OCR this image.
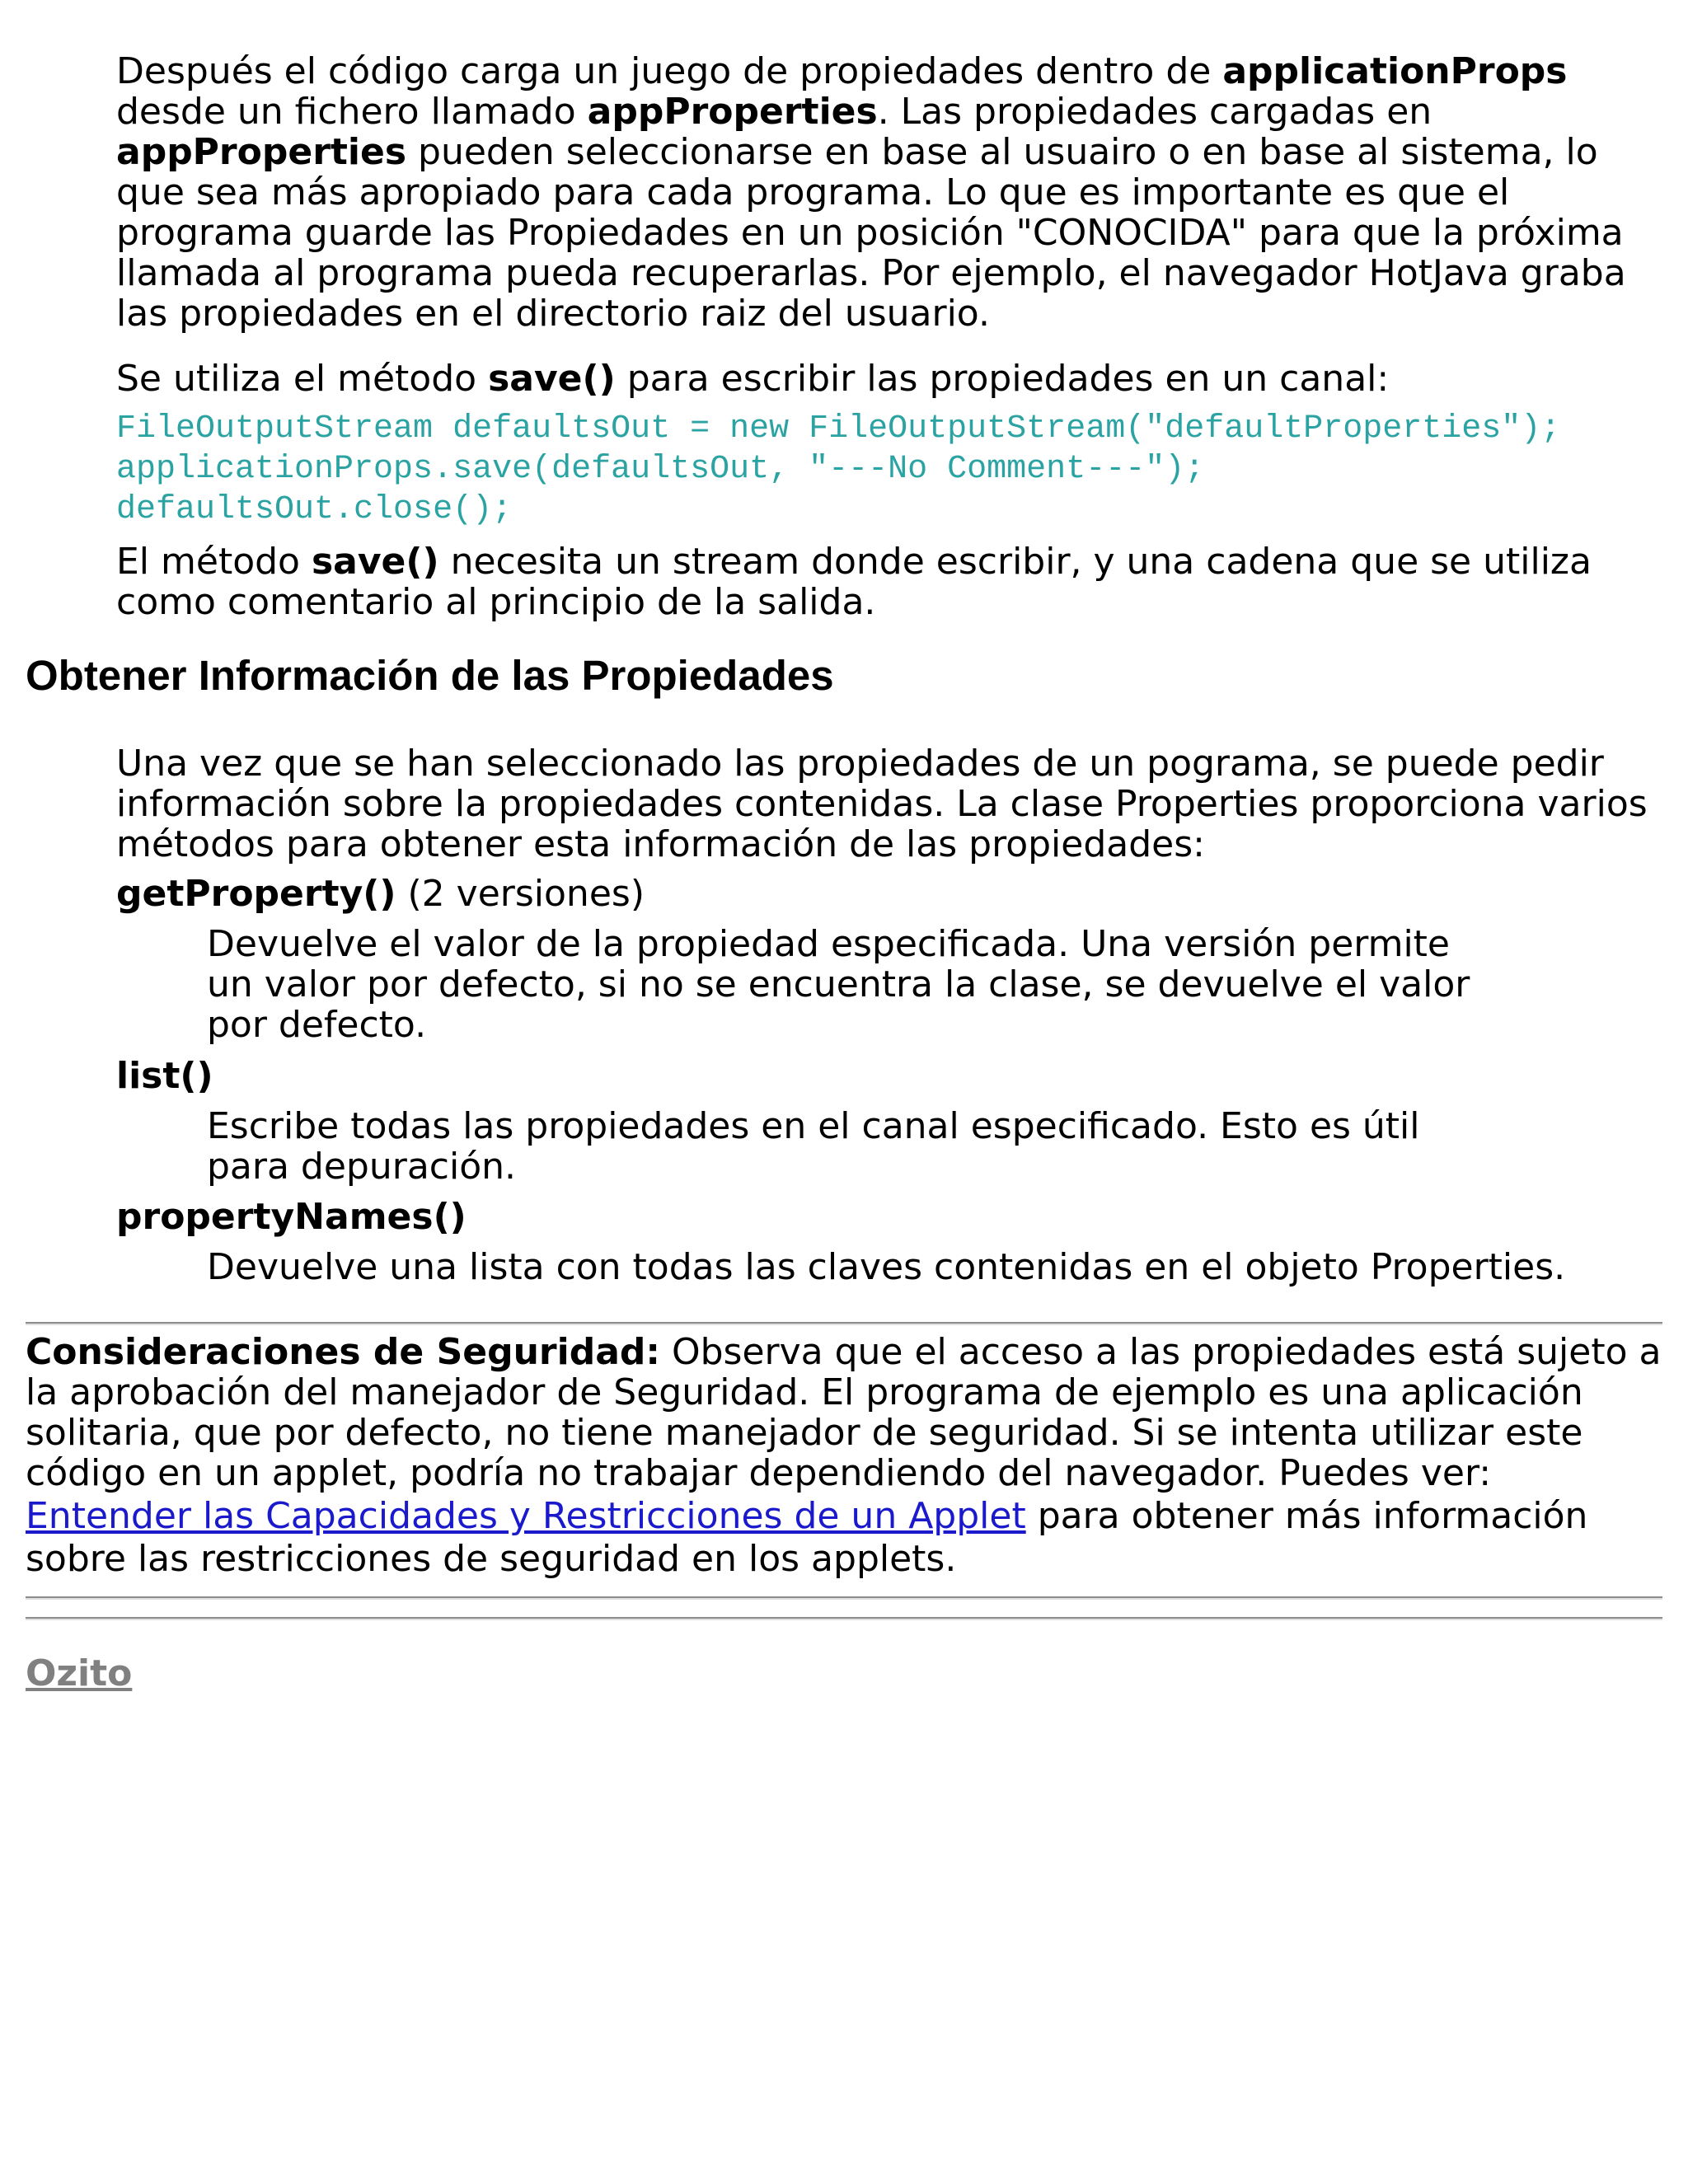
Después el código carga un juego de propiedades dentro de applicationProps desde un fichero llamado appProperties. Las propiedades cargadas en appProperties pueden seleccionarse en base al usuairo o en base al sistema, lo que sea más apropiado para cada programa. Lo que es importante es que el programa guarde las Propiedades en un posición "CONOCIDA" para que la próxima llamada al programa pueda recuperarlas. Por ejemplo, el navegador HotJava graba las propiedades en el directorio raiz del usuario.

Se utiliza el método save() para escribir las propiedades en un canal:

FileOutputStream defaultsOut = new FileOutputStream("defaultProperties");
applicationProps.save(defaultsOut, "---No Comment---");
defaultsOut.close();

El método save() necesita un stream donde escribir, y una cadena que se utiliza como comentario al principio de la salida.

Obtener Información de las Propiedades

Una vez que se han seleccionado las propiedades de un pograma, se puede pedir información sobre la propiedades contenidas. La clase Properties proporciona varios métodos para obtener esta información de las propiedades:

getProperty() (2 versiones)

Devuelve el valor de la propiedad especificada. Una versión permite un valor por defecto, si no se encuentra la clase, se devuelve el valor por defecto.

list()

Escribe todas las propiedades en el canal especificado. Esto es útil para depuración.

propertyNames()

Devuelve una lista con todas las claves contenidas en el objeto Properties.

Consideraciones de Seguridad: Observa que el acceso a las propiedades está sujeto a la aprobación del manejador de Seguridad. El programa de ejemplo es una aplicación solitaria, que por defecto, no tiene manejador de seguridad. Si se intenta utilizar este código en un applet, podría no trabajar dependiendo del navegador. Puedes ver: Entender las Capacidades y Restricciones de un Applet para obtener más información sobre las restricciones de seguridad en los applets.

Ozito
